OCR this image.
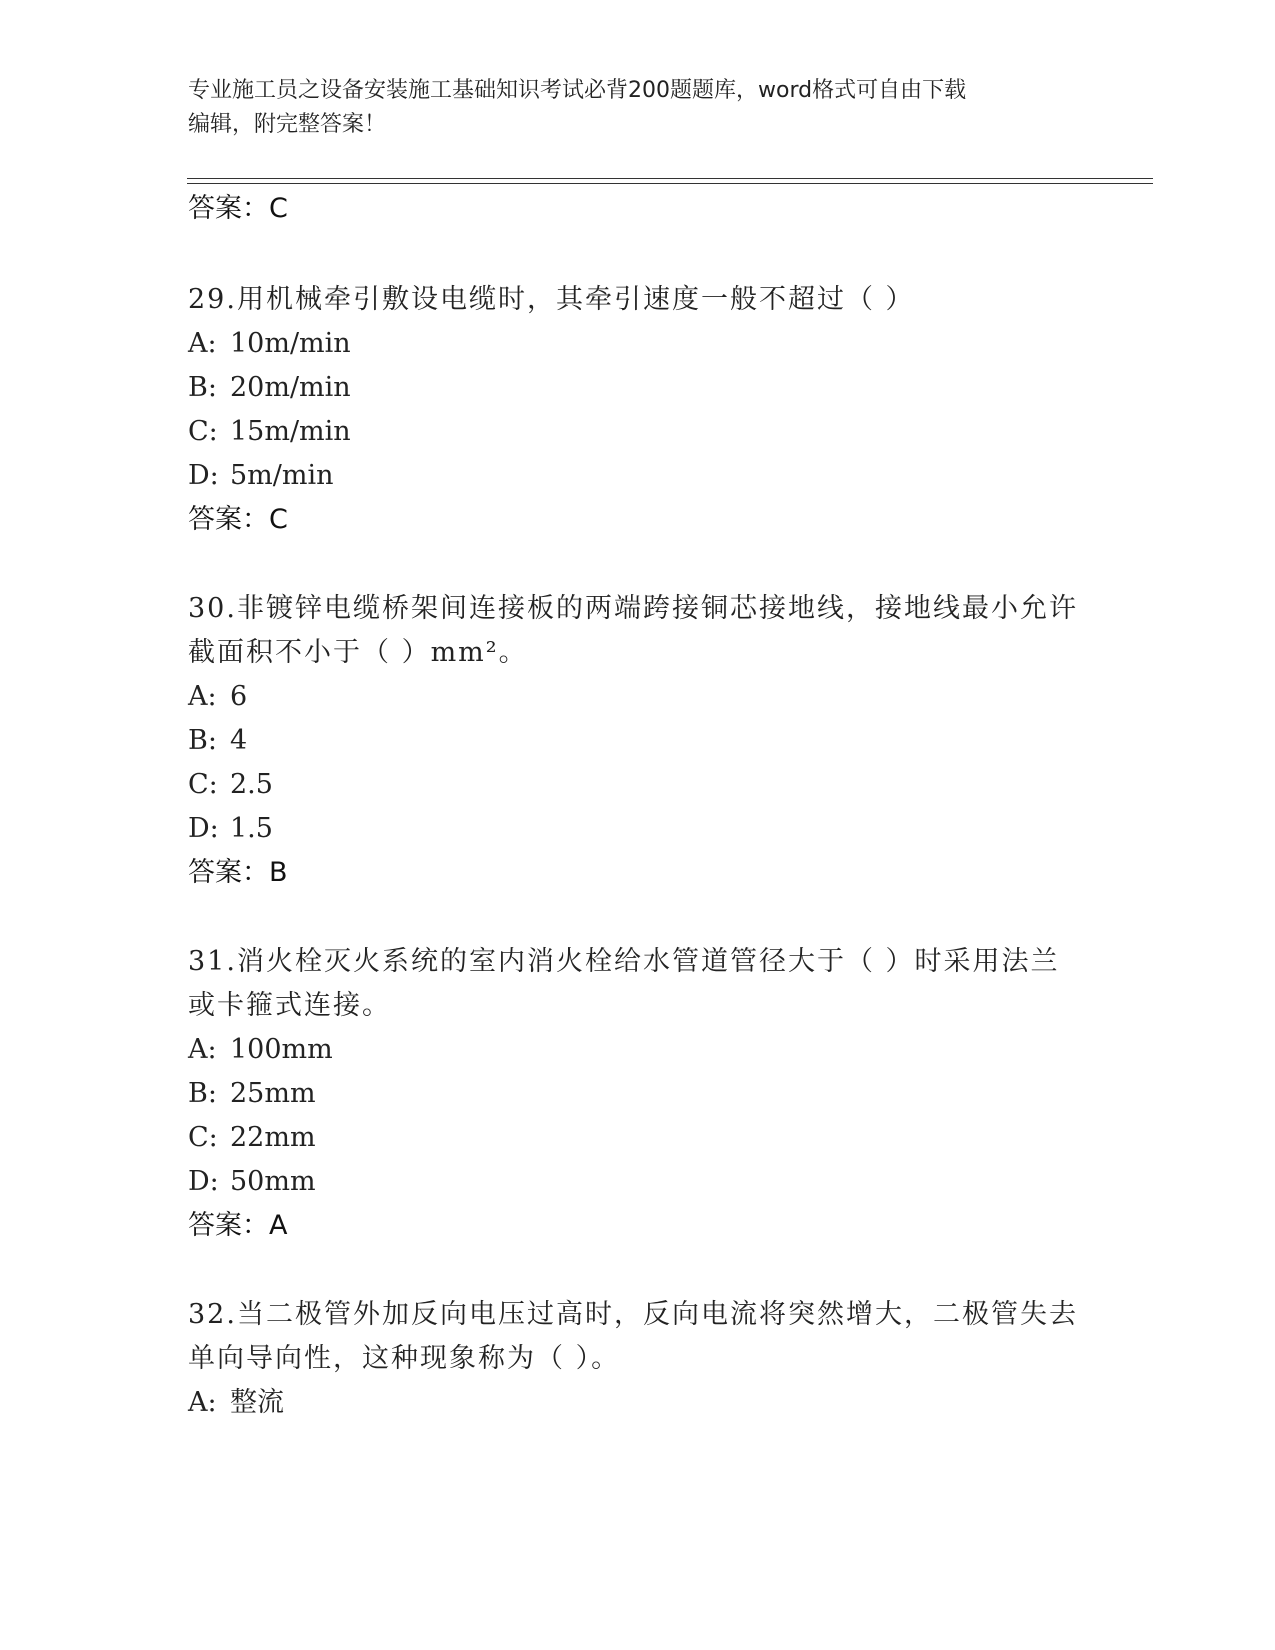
专业施工员之设备安装施工基础知识考试必背200题题库，word格式可自由下载
编辑，附完整答案！
答案：C
29.用机械牵引敷设电缆时，其牵引速度一般不超过（ ）
A: 10m/min
B: 20m/min
C: 15m/min
D: 5m/min
答案：C
30.非镀锌电缆桥架间连接板的两端跨接铜芯接地线，接地线最小允许
截面积不小于（ ）mm²。
A: 6
B: 4
C: 2.5
D: 1.5
答案：B
31.消火栓灭火系统的室内消火栓给水管道管径大于（ ）时采用法兰
或卡箍式连接。
A: 100mm
B: 25mm
C: 22mm
D: 50mm
答案：A
32.当二极管外加反向电压过高时，反向电流将突然增大，二极管失去
单向导向性，这种现象称为（ ）。
A: 整流
